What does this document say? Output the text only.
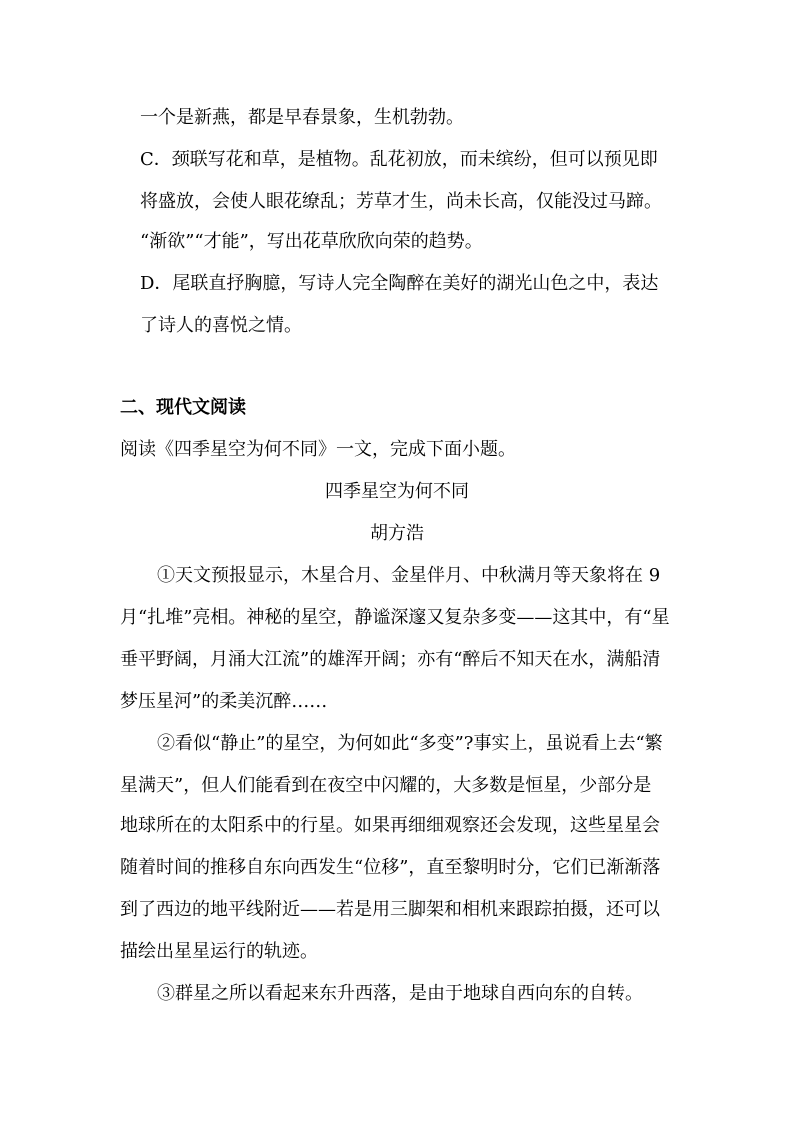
一个是新燕，都是早春景象，生机勃勃。
C．颈联写花和草，是植物。乱花初放，而未缤纷，但可以预见即
将盛放，会使人眼花缭乱；芳草才生，尚未长高，仅能没过马蹄。
“渐欲”“才能”，写出花草欣欣向荣的趋势。
D．尾联直抒胸臆，写诗人完全陶醉在美好的湖光山色之中，表达
了诗人的喜悦之情。
二、现代文阅读
阅读《四季星空为何不同》一文，完成下面小题。
四季星空为何不同
胡方浩
①天文预报显示，木星合月、金星伴月、中秋满月等天象将在 9
月“扎堆”亮相。神秘的星空，静谧深邃又复杂多变——这其中，有“星
垂平野阔，月涌大江流”的雄浑开阔；亦有“醉后不知天在水，满船清
梦压星河”的柔美沉醉……
②看似“静止”的星空，为何如此“多变”?事实上，虽说看上去“繁
星满天”，但人们能看到在夜空中闪耀的，大多数是恒星，少部分是
地球所在的太阳系中的行星。如果再细细观察还会发现，这些星星会
随着时间的推移自东向西发生“位移”，直至黎明时分，它们已渐渐落
到了西边的地平线附近——若是用三脚架和相机来跟踪拍摄，还可以
描绘出星星运行的轨迹。
③群星之所以看起来东升西落，是由于地球自西向东的自转。
